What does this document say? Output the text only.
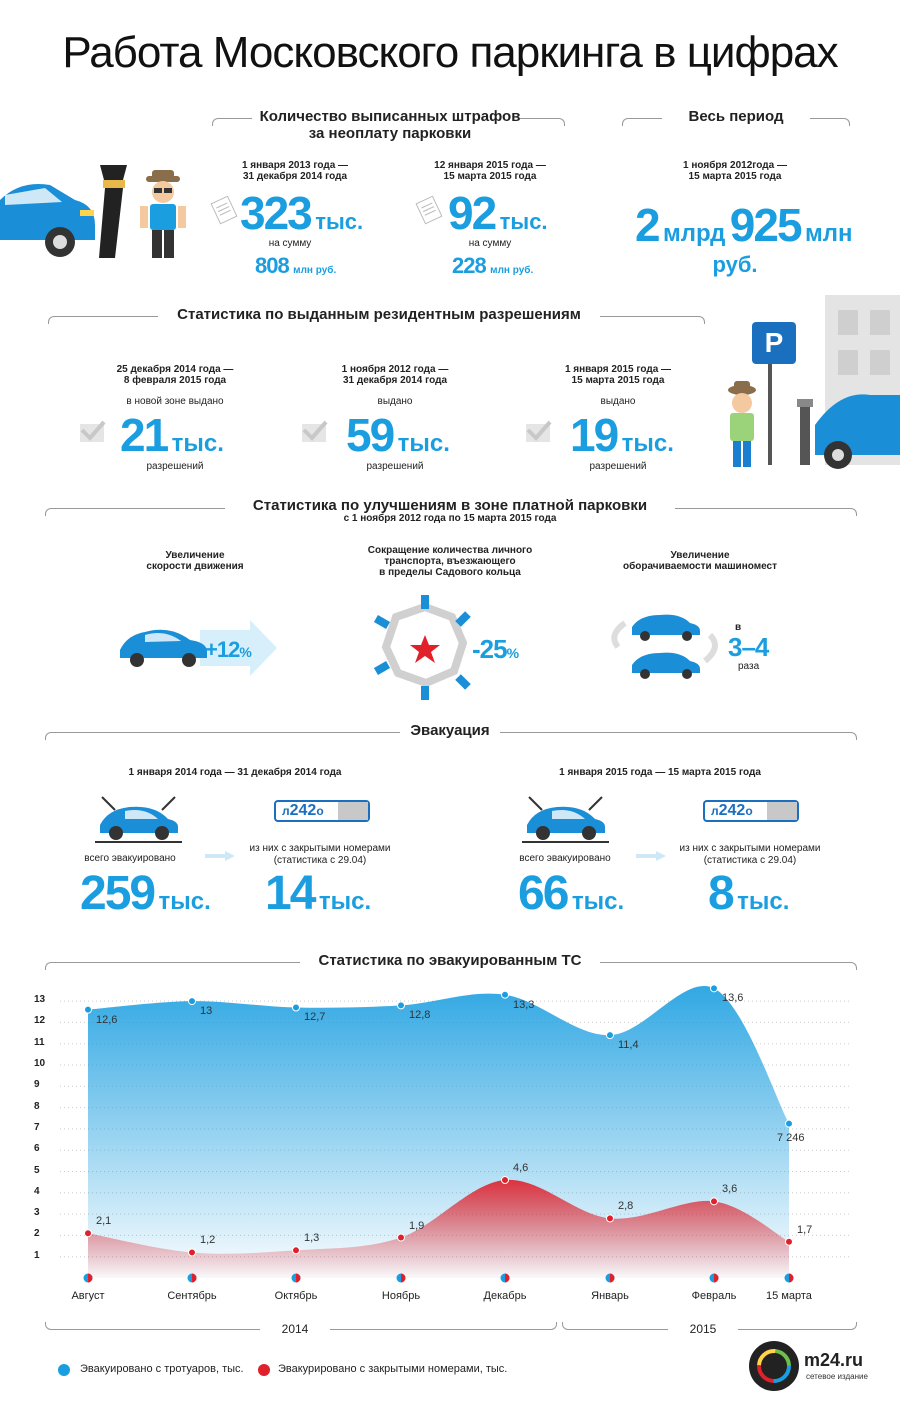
Работа Московского паркинга в цифрах
Количество выписанных штрафов
за неоплату парковки
Весь период
1 января 2013 года —
31 декабря 2014 года
323 тыс.
на сумму
808 млн руб.
12 января 2015 года —
15 марта 2015 года
92 тыс.
на сумму
228 млн руб.
1 ноября 2012года —
15 марта 2015 года
2 млрд 925 млн
руб.
Статистика по выданным резидентным разрешениям
25 декабря 2014 года —
8 февраля 2015 года
в новой зоне выдано
21 тыс.
разрешений
1 ноября 2012 года —
31 декабря 2014 года
выдано
59 тыс.
разрешений
1 января 2015 года —
15 марта 2015 года
выдано
19 тыс.
разрешений
P
Статистика по улучшениям в зоне платной парковки
с 1 ноября 2012 года по 15 марта 2015 года
Увеличение
скорости движения
+12%
Сокращение количества личного
транспорта, въезжающего
в пределы Садового кольца
-25%
Увеличение
оборачиваемости машиномест
в
3–4
раза
Эвакуация
1 января 2014 года — 31 декабря 2014 года
всего эвакуировано
259 тыс.
л242о
из них с закрытыми номерами
(статистика с 29.04)
14 тыс.
1 января 2015 года — 15 марта 2015 года
всего эвакуировано
66 тыс.
л242о
из них с закрытыми номерами
(статистика с 29.04)
8 тыс.
Статистика по эвакуированным ТС
13
12
11
10
9
8
7
6
5
4
3
2
1
12,6
13
12,7	12,8
13,3
11,4
13,6
7 246
2,1
1,2	1,3
1,9
4,6
2,8
3,6
1,7
Август	Сентябрь	Октябрь	Ноябрь	Декабрь	Январь	Февраль	15 марта
2014	2015
Эвакуировано с тротуаров, тыс.	Эвакурировано с закрытыми номерами, тыс.	m24.ru
сетевое издание
